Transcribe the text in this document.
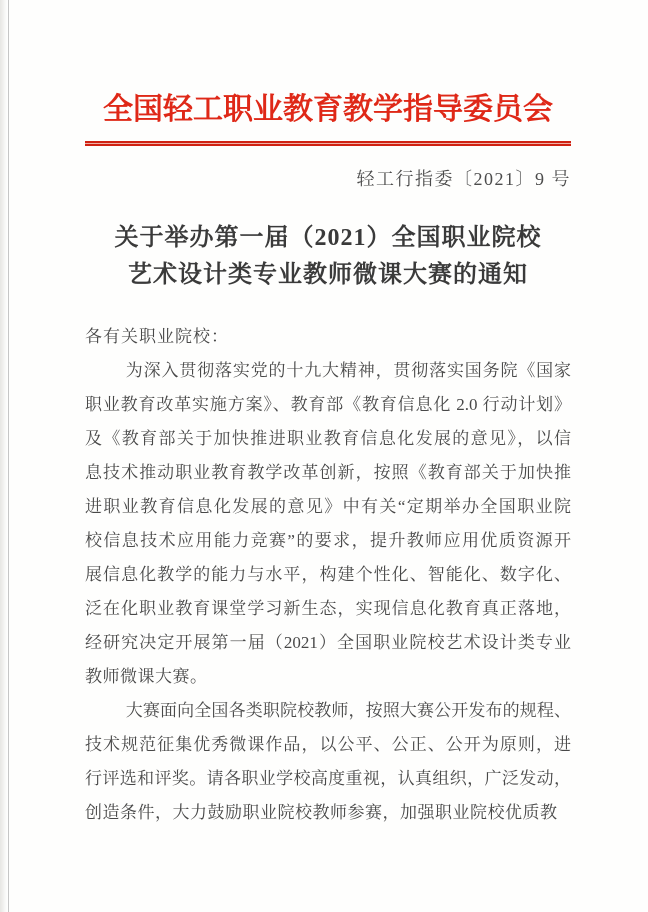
全国轻工职业教育教学指导委员会
轻工行指委〔2021〕9 号
关于举办第一届（2021）全国职业院校
艺术设计类专业教师微课大赛的通知
各有关职业院校：
为深入贯彻落实党的十九大精神，贯彻落实国务院《国家
职业教育改革实施方案》、教育部《教育信息化 2.0 行动计划》
及《教育部关于加快推进职业教育信息化发展的意见》，以信
息技术推动职业教育教学改革创新，按照《教育部关于加快推
进职业教育信息化发展的意见》中有关“定期举办全国职业院
校信息技术应用能力竞赛”的要求，提升教师应用优质资源开
展信息化教学的能力与水平，构建个性化、智能化、数字化、
泛在化职业教育课堂学习新生态，实现信息化教育真正落地，
经研究决定开展第一届（2021）全国职业院校艺术设计类专业
教师微课大赛。
大赛面向全国各类职院校教师，按照大赛公开发布的规程、
技术规范征集优秀微课作品，以公平、公正、公开为原则，进
行评选和评奖。请各职业学校高度重视，认真组织，广泛发动，
创造条件，大力鼓励职业院校教师参赛，加强职业院校优质教
